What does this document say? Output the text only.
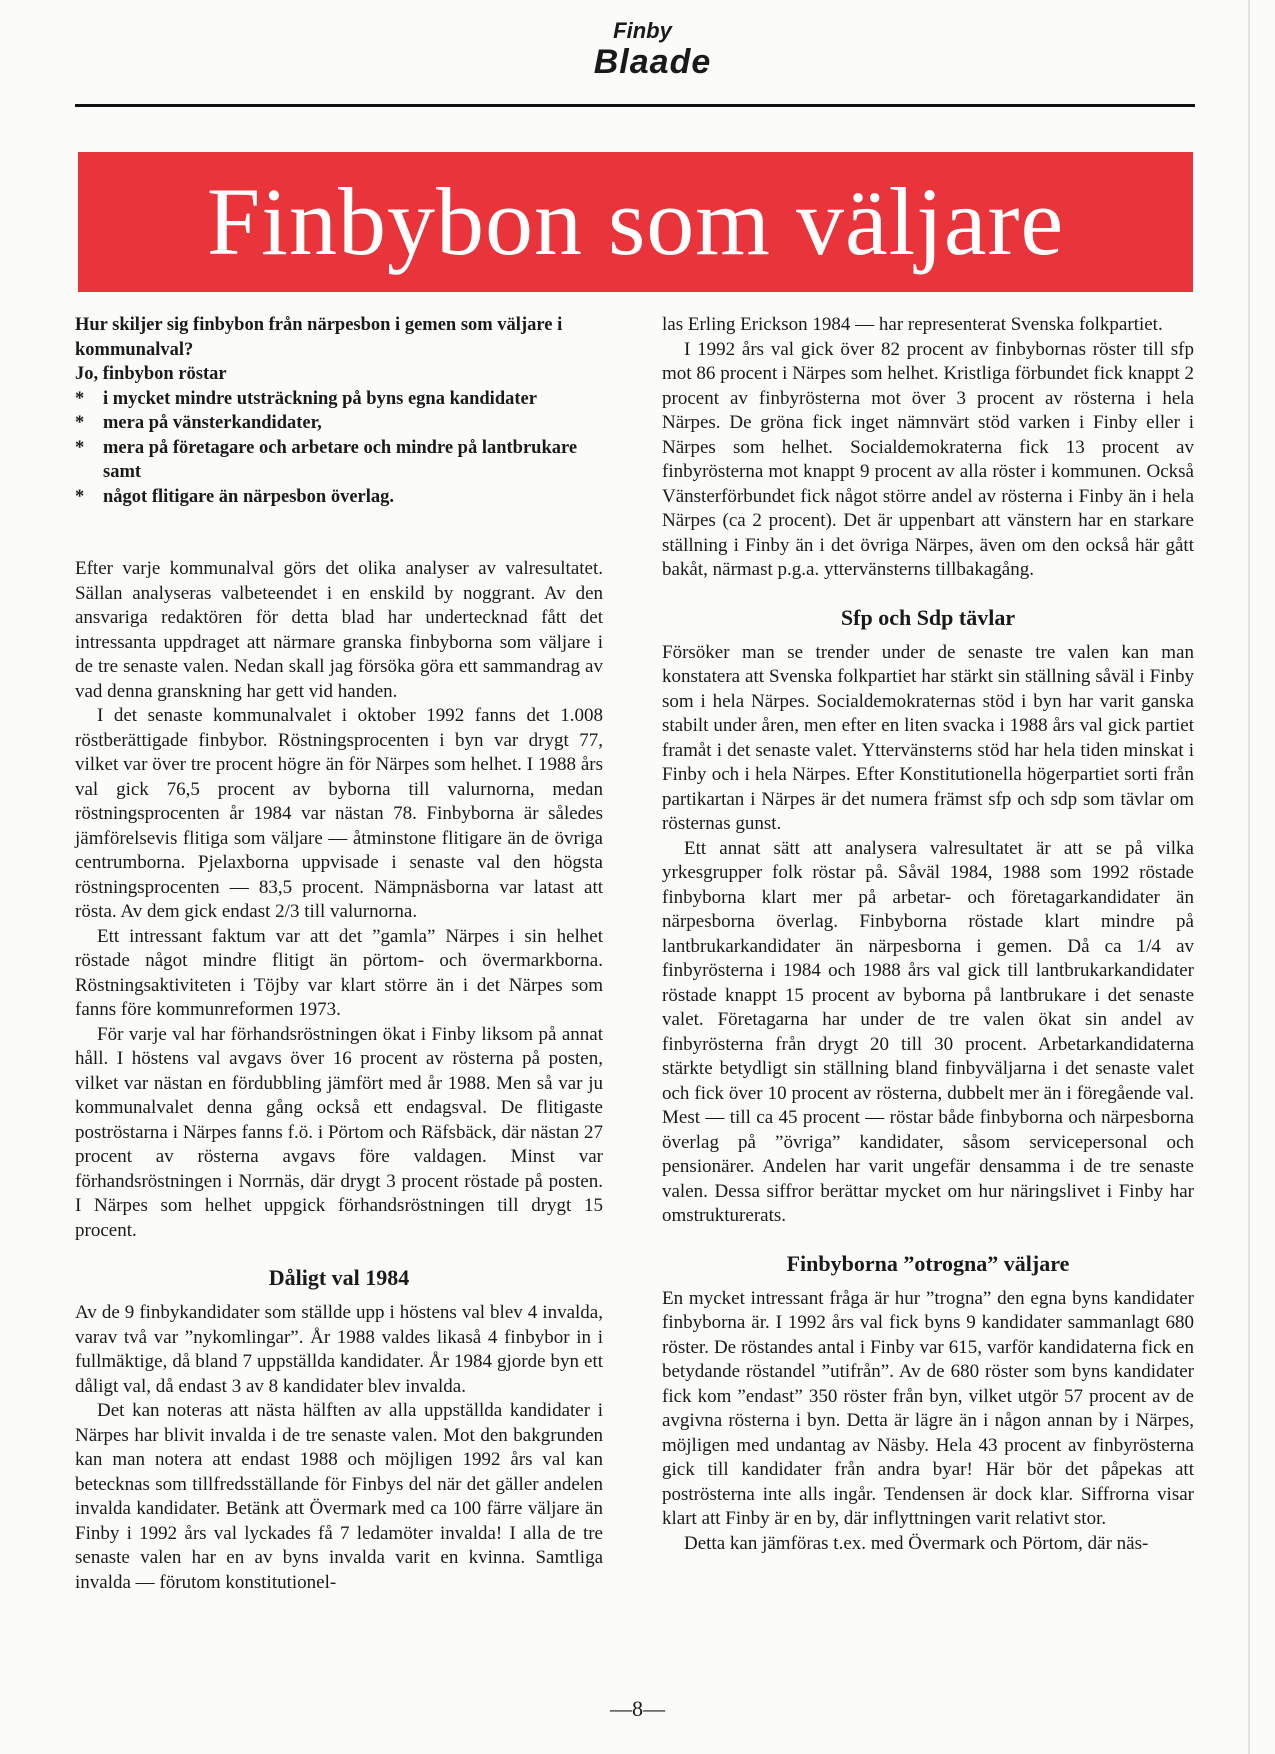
Finby
Blaade
Finbybon som väljare

Hur skiljer sig finbybon från närpesbon i gemen som väljare i kommunalval?

Jo, finbybon röstar

* i mycket mindre utsträckning på byns egna kandidater
* mera på vänsterkandidater,
* mera på företagare och arbetare och mindre på lantbrukare samt
* något flitigare än närpesbon överlag.

Efter varje kommunalval görs det olika analyser av valresultatet. Sällan analyseras valbeteendet i en enskild by noggrant. Av den ansvariga redaktören för detta blad har undertecknad fått det intressanta uppdraget att närmare granska finbyborna som väljare i de tre senaste valen. Nedan skall jag försöka göra ett sammandrag av vad denna granskning har gett vid handen.

I det senaste kommunalvalet i oktober 1992 fanns det 1.008 röstberättigade finbybor. Röstningsprocenten i byn var drygt 77, vilket var över tre procent högre än för Närpes som helhet. I 1988 års val gick 76,5 procent av byborna till valurnorna, medan röstningsprocenten år 1984 var nästan 78. Finbyborna är således jämförelsevis flitiga som väljare — åtminstone flitigare än de övriga centrumborna. Pjelaxborna uppvisade i senaste val den högsta röstningsprocenten — 83,5 procent. Nämpnäsborna var latast att rösta. Av dem gick endast 2/3 till valurnorna.

Ett intressant faktum var att det ”gamla” Närpes i sin helhet röstade något mindre flitigt än pörtom- och övermarkborna. Röstningsaktiviteten i Töjby var klart större än i det Närpes som fanns före kommunreformen 1973.

För varje val har förhandsröstningen ökat i Finby liksom på annat håll. I höstens val avgavs över 16 procent av rösterna på posten, vilket var nästan en fördubbling jämfört med år 1988. Men så var ju kommunalvalet denna gång också ett endagsval. De flitigaste poströstarna i Närpes fanns f.ö. i Pörtom och Räfsbäck, där nästan 27 procent av rösterna avgavs före valdagen. Minst var förhandsröstningen i Norrnäs, där drygt 3 procent röstade på posten. I Närpes som helhet uppgick förhandsröstningen till drygt 15 procent.

Dåligt val 1984

Av de 9 finbykandidater som ställde upp i höstens val blev 4 invalda, varav två var ”nykomlingar”. År 1988 valdes likaså 4 finbybor in i fullmäktige, då bland 7 uppställda kandidater. År 1984 gjorde byn ett dåligt val, då endast 3 av 8 kandidater blev invalda.

Det kan noteras att nästa hälften av alla uppställda kandidater i Närpes har blivit invalda i de tre senaste valen. Mot den bakgrunden kan man notera att endast 1988 och möjligen 1992 års val kan betecknas som tillfredsställande för Finbys del när det gäller andelen invalda kandidater. Betänk att Övermark med ca 100 färre väljare än Finby i 1992 års val lyckades få 7 ledamöter invalda! I alla de tre senaste valen har en av byns invalda varit en kvinna. Samtliga invalda — förutom konstitutionel-

las Erling Erickson 1984 — har representerat Svenska folkpartiet.

I 1992 års val gick över 82 procent av finbybornas röster till sfp mot 86 procent i Närpes som helhet. Kristliga förbundet fick knappt 2 procent av finbyrösterna mot över 3 procent av rösterna i hela Närpes. De gröna fick inget nämnvärt stöd varken i Finby eller i Närpes som helhet. Socialdemokraterna fick 13 procent av finbyrösterna mot knappt 9 procent av alla röster i kommunen. Också Vänsterförbundet fick något större andel av rösterna i Finby än i hela Närpes (ca 2 procent). Det är uppenbart att vänstern har en starkare ställning i Finby än i det övriga Närpes, även om den också här gått bakåt, närmast p.g.a. yttervänsterns tillbakagång.

Sfp och Sdp tävlar

Försöker man se trender under de senaste tre valen kan man konstatera att Svenska folkpartiet har stärkt sin ställning såväl i Finby som i hela Närpes. Socialdemokraternas stöd i byn har varit ganska stabilt under åren, men efter en liten svacka i 1988 års val gick partiet framåt i det senaste valet. Yttervänsterns stöd har hela tiden minskat i Finby och i hela Närpes. Efter Konstitutionella högerpartiet sorti från partikartan i Närpes är det numera främst sfp och sdp som tävlar om rösternas gunst.

Ett annat sätt att analysera valresultatet är att se på vilka yrkesgrupper folk röstar på. Såväl 1984, 1988 som 1992 röstade finbyborna klart mer på arbetar- och företagarkandidater än närpesborna överlag. Finbyborna röstade klart mindre på lantbrukarkandidater än närpesborna i gemen. Då ca 1/4 av finbyrösterna i 1984 och 1988 års val gick till lantbrukarkandidater röstade knappt 15 procent av byborna på lantbrukare i det senaste valet. Företagarna har under de tre valen ökat sin andel av finbyrösterna från drygt 20 till 30 procent. Arbetarkandidaterna stärkte betydligt sin ställning bland finbyväljarna i det senaste valet och fick över 10 procent av rösterna, dubbelt mer än i föregående val. Mest — till ca 45 procent — röstar både finbyborna och närpesborna överlag på ”övriga” kandidater, såsom servicepersonal och pensionärer. Andelen har varit ungefär densamma i de tre senaste valen. Dessa siffror berättar mycket om hur näringslivet i Finby har omstrukturerats.

Finbyborna ”otrogna” väljare

En mycket intressant fråga är hur ”trogna” den egna byns kandidater finbyborna är. I 1992 års val fick byns 9 kandidater sammanlagt 680 röster. De röstandes antal i Finby var 615, varför kandidaterna fick en betydande röstandel ”utifrån”. Av de 680 röster som byns kandidater fick kom ”endast” 350 röster från byn, vilket utgör 57 procent av de avgivna rösterna i byn. Detta är lägre än i någon annan by i Närpes, möjligen med undantag av Näsby. Hela 43 procent av finbyrösterna gick till kandidater från andra byar! Här bör det påpekas att poströsterna inte alls ingår. Tendensen är dock klar. Siffrorna visar klart att Finby är en by, där inflyttningen varit relativt stor.

Detta kan jämföras t.ex. med Övermark och Pörtom, där näs-

—8—
